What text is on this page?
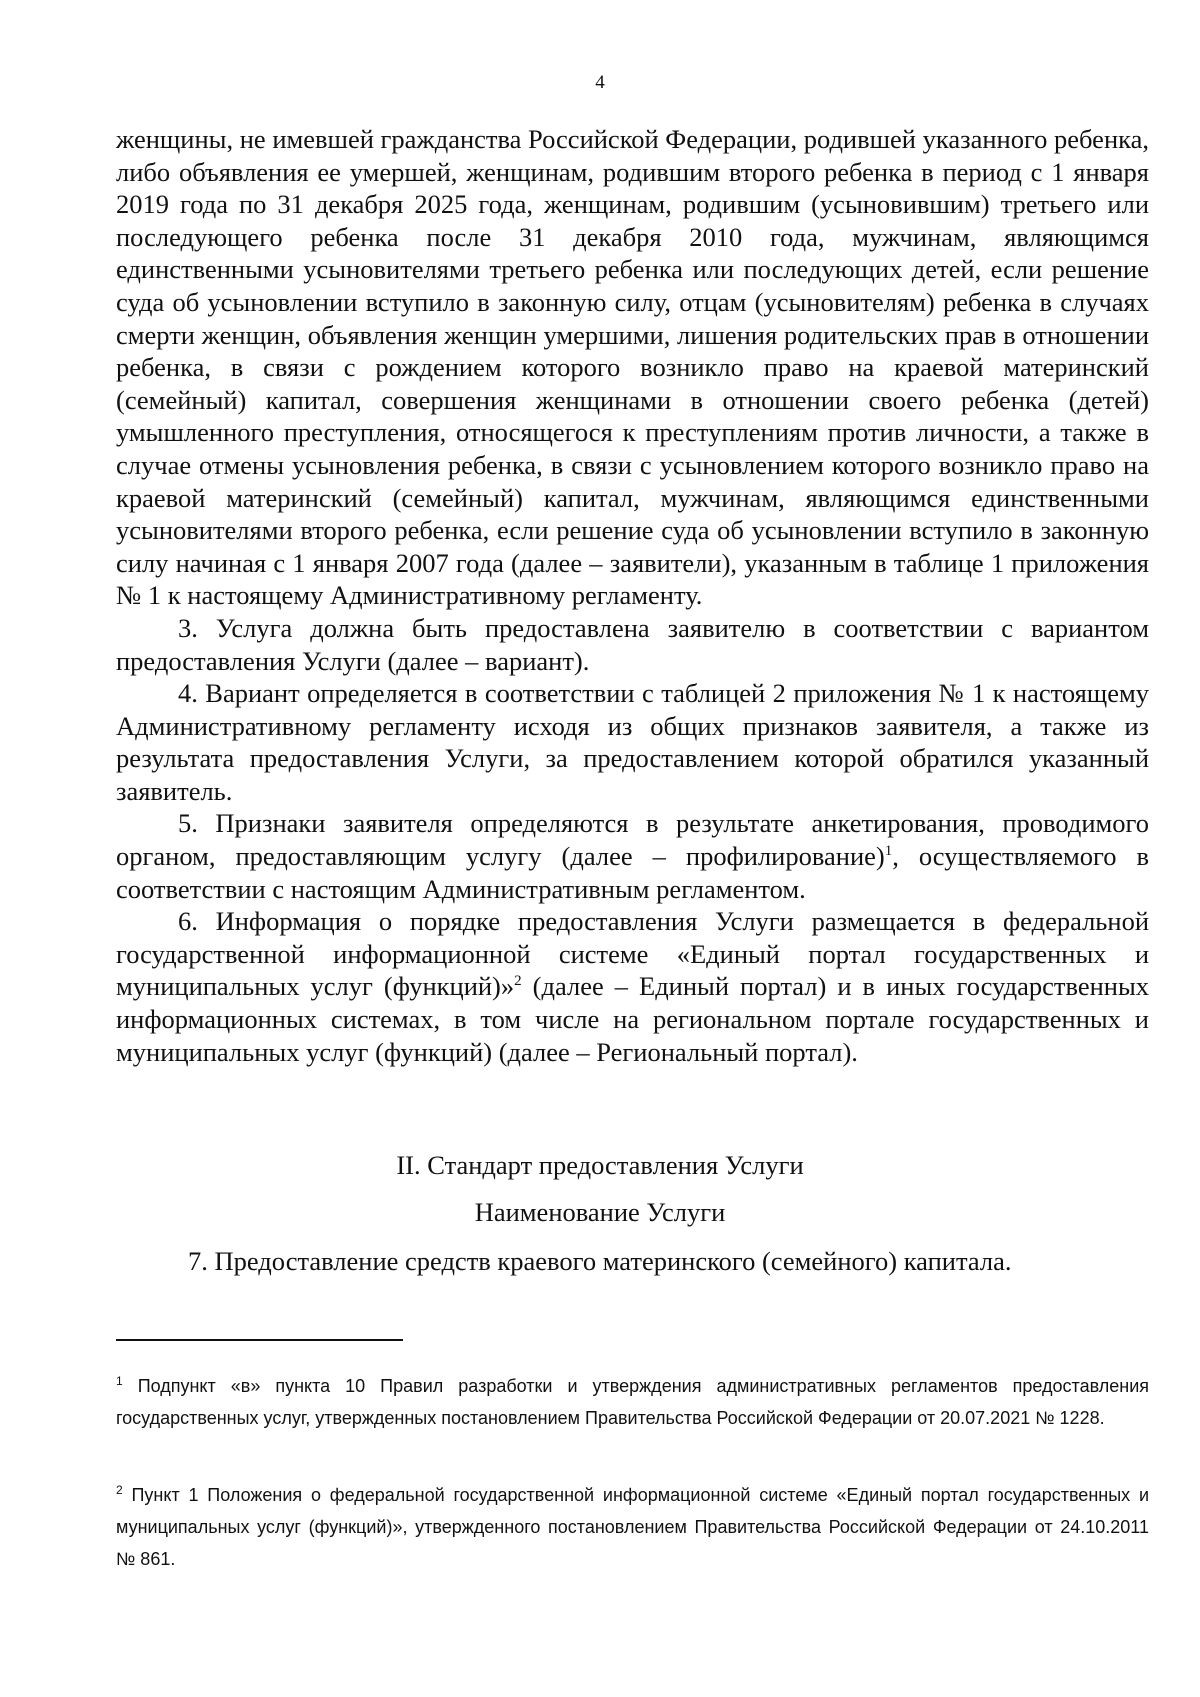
4

женщины, не имевшей гражданства Российской Федерации, родившей указанного ребенка, либо объявления ее умершей, женщинам, родившим второго ребенка в период с 1 января 2019 года по 31 декабря 2025 года, женщинам, родившим (усыновившим) третьего или последующего ребенка после 31 декабря 2010 года, мужчинам, являющимся единственными усыновителями третьего ребенка или последующих детей, если решение суда об усыновлении вступило в законную силу, отцам (усыновителям) ребенка в случаях смерти женщин, объявления женщин умершими, лишения родительских прав в отношении ребенка, в связи с рождением которого возникло право на краевой материнский (семейный) капитал, совершения женщинами в отношении своего ребенка (детей) умышленного преступления, относящегося к преступлениям против личности, а также в случае отмены усыновления ребенка, в связи с усыновлением которого возникло право на краевой материнский (семейный) капитал, мужчинам, являющимся единственными усыновителями второго ребенка, если решение суда об усыновлении вступило в законную силу начиная с 1 января 2007 года (далее – заявители), указанным в таблице 1 приложения № 1 к настоящему Административному регламенту.

3. Услуга должна быть предоставлена заявителю в соответствии с вариантом предоставления Услуги (далее – вариант).

4. Вариант определяется в соответствии с таблицей 2 приложения № 1 к настоящему Административному регламенту исходя из общих признаков заявителя, а также из результата предоставления Услуги, за предоставлением которой обратился указанный заявитель.

5. Признаки заявителя определяются в результате анкетирования, проводимого органом, предоставляющим услугу (далее – профилирование)$^1$, осуществляемого в соответствии с настоящим Административным регламентом.

6. Информация о порядке предоставления Услуги размещается в федеральной государственной информационной системе «Единый портал государственных и муниципальных услуг (функций)»$^2$ (далее – Единый портал) и в иных государственных информационных системах, в том числе на региональном портале государственных и муниципальных услуг (функций) (далее – Региональный портал).

II. Стандарт предоставления Услуги
Наименование Услуги

7. Предоставление средств краевого материнского (семейного) капитала.

$^1$ Подпункт «в» пункта 10 Правил разработки и утверждения административных регламентов предоставления государственных услуг, утвержденных постановлением Правительства Российской Федерации от 20.07.2021 № 1228.

$^2$ Пункт 1 Положения о федеральной государственной информационной системе «Единый портал государственных и муниципальных услуг (функций)», утвержденного постановлением Правительства Российской Федерации от 24.10.2011 № 861.
